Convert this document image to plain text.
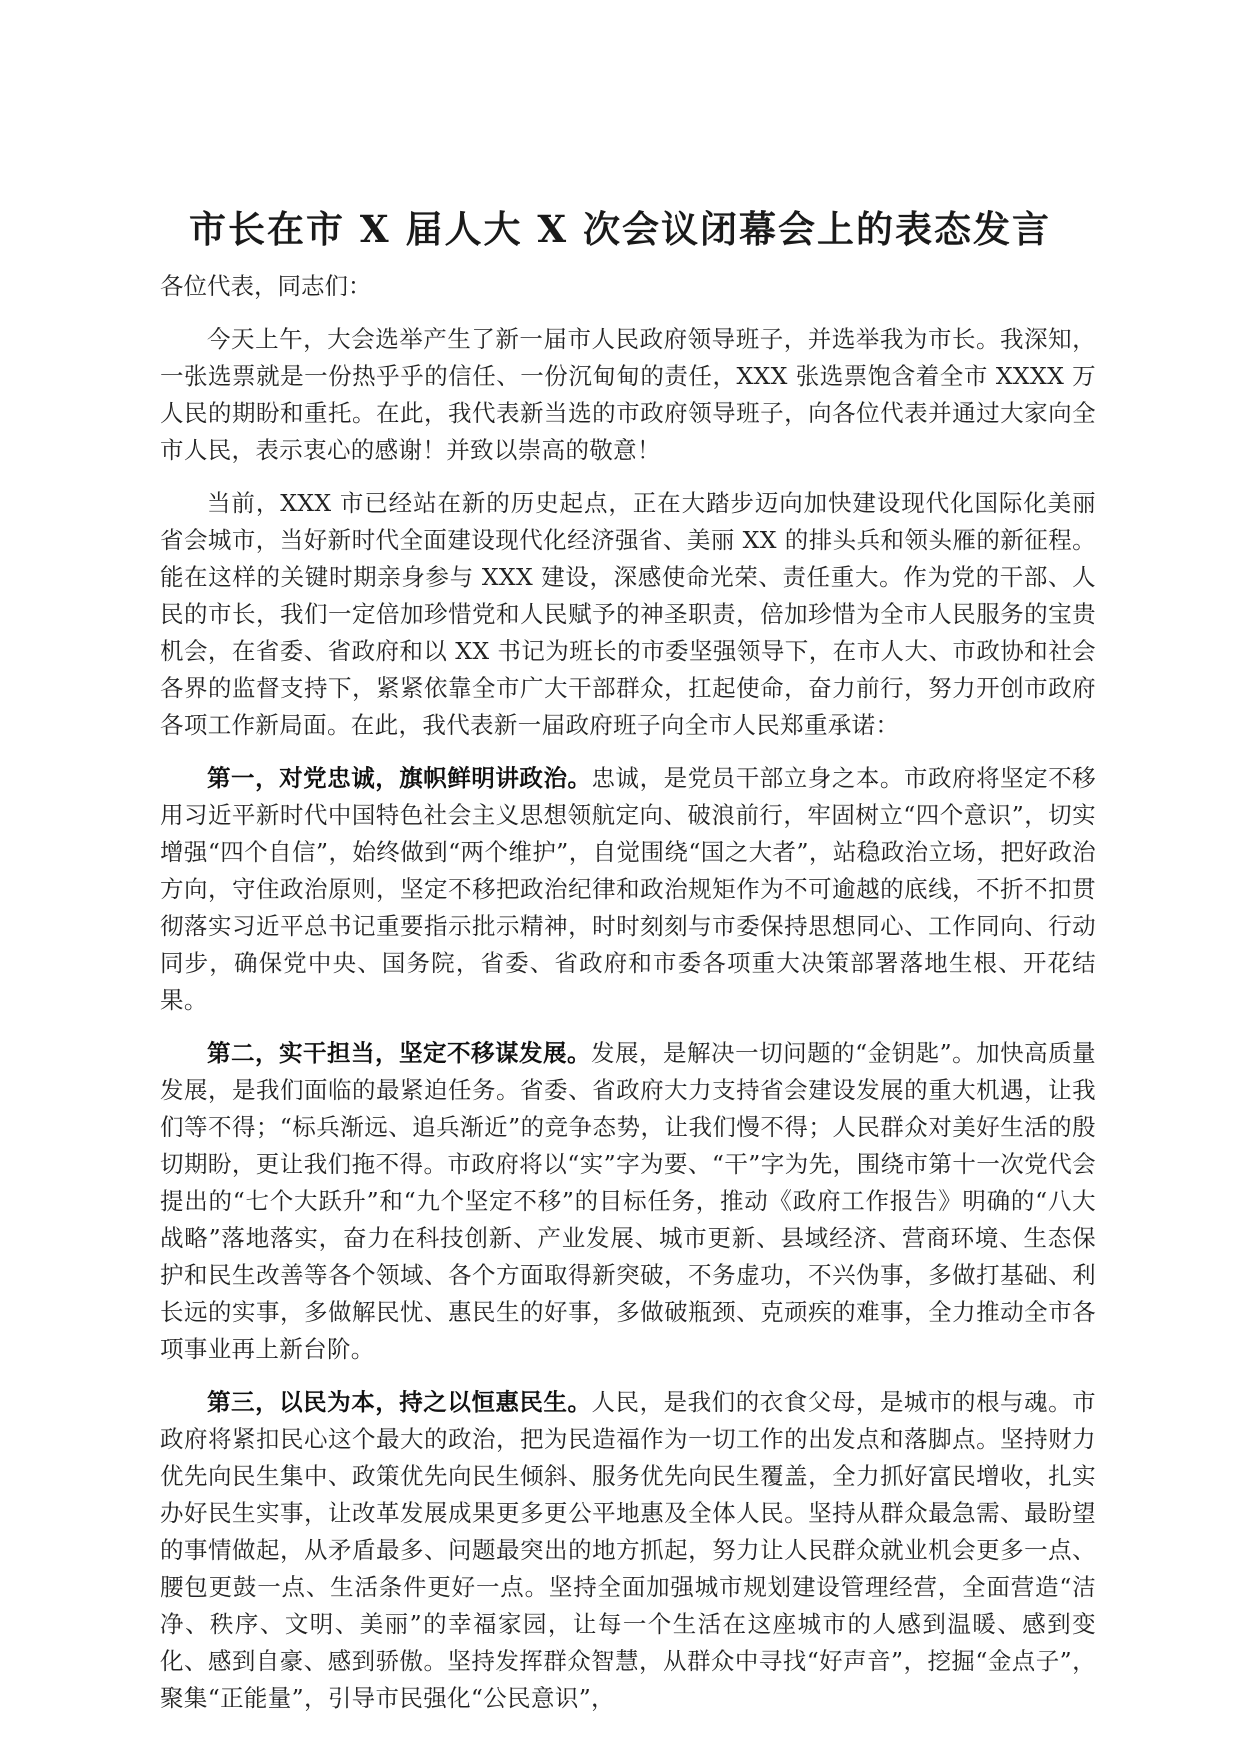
市长在市 X 届人大 X 次会议闭幕会上的表态发言

各位代表，同志们：

今天上午，大会选举产生了新一届市人民政府领导班子，并选举我为市长。我深知，一张选票就是一份热乎乎的信任、一份沉甸甸的责任，XXX 张选票饱含着全市 XXXX 万人民的期盼和重托。在此，我代表新当选的市政府领导班子，向各位代表并通过大家向全市人民，表示衷心的感谢！并致以崇高的敬意！

当前，XXX 市已经站在新的历史起点，正在大踏步迈向加快建设现代化国际化美丽省会城市，当好新时代全面建设现代化经济强省、美丽 XX 的排头兵和领头雁的新征程。能在这样的关键时期亲身参与 XXX 建设，深感使命光荣、责任重大。作为党的干部、人民的市长，我们一定倍加珍惜党和人民赋予的神圣职责，倍加珍惜为全市人民服务的宝贵机会，在省委、省政府和以 XX 书记为班长的市委坚强领导下，在市人大、市政协和社会各界的监督支持下，紧紧依靠全市广大干部群众，扛起使命，奋力前行，努力开创市政府各项工作新局面。在此，我代表新一届政府班子向全市人民郑重承诺：

第一，对党忠诚，旗帜鲜明讲政治。忠诚，是党员干部立身之本。市政府将坚定不移用习近平新时代中国特色社会主义思想领航定向、破浪前行，牢固树立“四个意识”，切实增强“四个自信”，始终做到“两个维护”，自觉围绕“国之大者”，站稳政治立场，把好政治方向，守住政治原则，坚定不移把政治纪律和政治规矩作为不可逾越的底线，不折不扣贯彻落实习近平总书记重要指示批示精神，时时刻刻与市委保持思想同心、工作同向、行动同步，确保党中央、国务院，省委、省政府和市委各项重大决策部署落地生根、开花结果。

第二，实干担当，坚定不移谋发展。发展，是解决一切问题的“金钥匙”。加快高质量发展，是我们面临的最紧迫任务。省委、省政府大力支持省会建设发展的重大机遇，让我们等不得；“标兵渐远、追兵渐近”的竞争态势，让我们慢不得；人民群众对美好生活的殷切期盼，更让我们拖不得。市政府将以“实”字为要、“干”字为先，围绕市第十一次党代会提出的“七个大跃升”和“九个坚定不移”的目标任务，推动《政府工作报告》明确的“八大战略”落地落实，奋力在科技创新、产业发展、城市更新、县域经济、营商环境、生态保护和民生改善等各个领域、各个方面取得新突破，不务虚功，不兴伪事，多做打基础、利长远的实事，多做解民忧、惠民生的好事，多做破瓶颈、克顽疾的难事，全力推动全市各项事业再上新台阶。

第三，以民为本，持之以恒惠民生。人民，是我们的衣食父母，是城市的根与魂。市政府将紧扣民心这个最大的政治，把为民造福作为一切工作的出发点和落脚点。坚持财力优先向民生集中、政策优先向民生倾斜、服务优先向民生覆盖，全力抓好富民增收，扎实办好民生实事，让改革发展成果更多更公平地惠及全体人民。坚持从群众最急需、最盼望的事情做起，从矛盾最多、问题最突出的地方抓起，努力让人民群众就业机会更多一点、腰包更鼓一点、生活条件更好一点。坚持全面加强城市规划建设管理经营，全面营造“洁净、秩序、文明、美丽”的幸福家园，让每一个生活在这座城市的人感到温暖、感到变化、感到自豪、感到骄傲。坚持发挥群众智慧，从群众中寻找“好声音”，挖掘“金点子”，聚集“正能量”，引导市民强化“公民意识”，
